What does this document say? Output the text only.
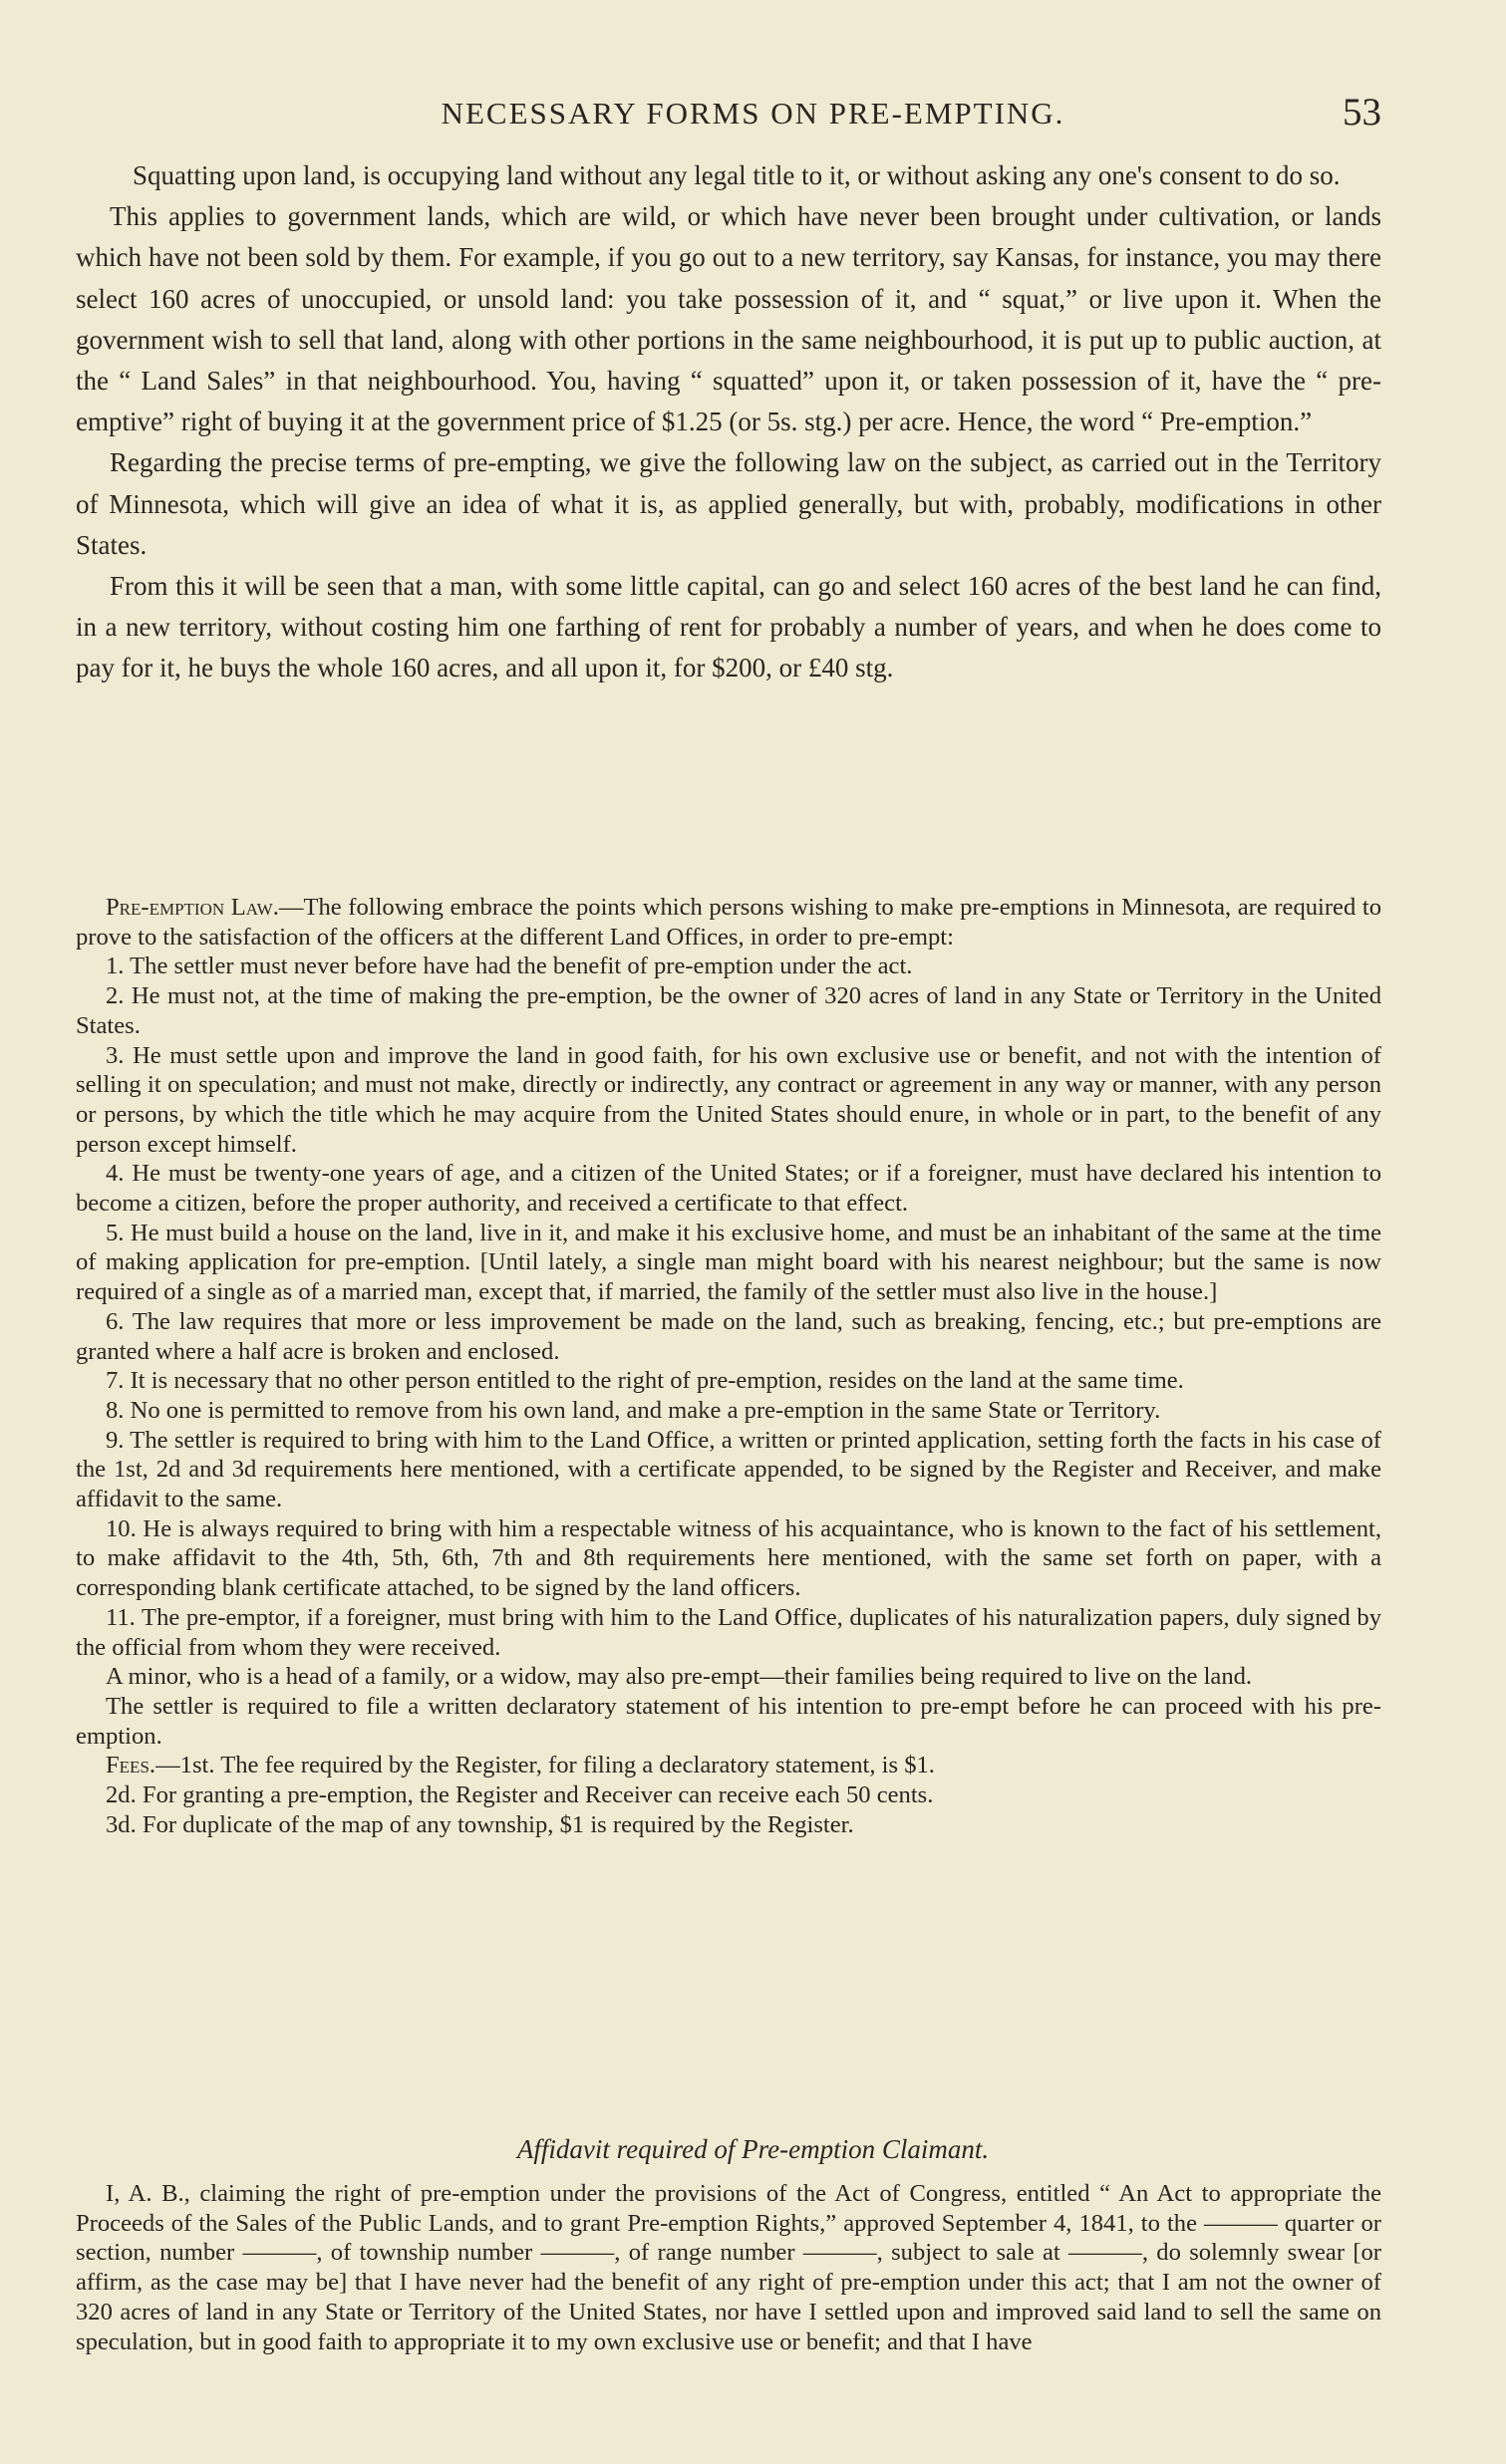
NECESSARY FORMS ON PRE-EMPTING.	53

Squatting upon land, is occupying land without any legal title to it, or without asking any one's consent to do so.

This applies to government lands, which are wild, or which have never been brought under cultivation, or lands which have not been sold by them. For example, if you go out to a new territory, say Kansas, for instance, you may there select 160 acres of unoccupied, or unsold land: you take possession of it, and “ squat,” or live upon it. When the government wish to sell that land, along with other portions in the same neighbourhood, it is put up to public auction, at the “ Land Sales” in that neighbourhood. You, having “ squatted” upon it, or taken possession of it, have the “ pre-emptive” right of buying it at the government price of $1.25 (or 5s. stg.) per acre. Hence, the word “ Pre-emption.”

Regarding the precise terms of pre-empting, we give the following law on the subject, as carried out in the Territory of Minnesota, which will give an idea of what it is, as applied generally, but with, probably, modifications in other States.

From this it will be seen that a man, with some little capital, can go and select 160 acres of the best land he can find, in a new territory, without costing him one farthing of rent for probably a number of years, and when he does come to pay for it, he buys the whole 160 acres, and all upon it, for $200, or £40 stg.

Pre-emption Law.—The following embrace the points which persons wishing to make pre-emptions in Minnesota, are required to prove to the satisfaction of the officers at the different Land Offices, in order to pre-empt:

1. The settler must never before have had the benefit of pre-emption under the act.

2. He must not, at the time of making the pre-emption, be the owner of 320 acres of land in any State or Territory in the United States.

3. He must settle upon and improve the land in good faith, for his own exclusive use or benefit, and not with the intention of selling it on speculation; and must not make, directly or indirectly, any contract or agreement in any way or manner, with any person or persons, by which the title which he may acquire from the United States should enure, in whole or in part, to the benefit of any person except himself.

4. He must be twenty-one years of age, and a citizen of the United States; or if a foreigner, must have declared his intention to become a citizen, before the proper authority, and received a certificate to that effect.

5. He must build a house on the land, live in it, and make it his exclusive home, and must be an inhabitant of the same at the time of making application for pre-emption. [Until lately, a single man might board with his nearest neighbour; but the same is now required of a single as of a married man, except that, if married, the family of the settler must also live in the house.]

6. The law requires that more or less improvement be made on the land, such as breaking, fencing, etc.; but pre-emptions are granted where a half acre is broken and enclosed.

7. It is necessary that no other person entitled to the right of pre-emption, resides on the land at the same time.

8. No one is permitted to remove from his own land, and make a pre-emption in the same State or Territory.

9. The settler is required to bring with him to the Land Office, a written or printed application, setting forth the facts in his case of the 1st, 2d and 3d requirements here mentioned, with a certificate appended, to be signed by the Register and Receiver, and make affidavit to the same.

10. He is always required to bring with him a respectable witness of his acquaintance, who is known to the fact of his settlement, to make affidavit to the 4th, 5th, 6th, 7th and 8th requirements here mentioned, with the same set forth on paper, with a corresponding blank certificate attached, to be signed by the land officers.

11. The pre-emptor, if a foreigner, must bring with him to the Land Office, duplicates of his naturalization papers, duly signed by the official from whom they were received.

A minor, who is a head of a family, or a widow, may also pre-empt—their families being required to live on the land.

The settler is required to file a written declaratory statement of his intention to pre-empt before he can proceed with his pre-emption.

Fees.—1st. The fee required by the Register, for filing a declaratory statement, is $1.

2d. For granting a pre-emption, the Register and Receiver can receive each 50 cents.

3d. For duplicate of the map of any township, $1 is required by the Register.

Affidavit required of Pre-emption Claimant.

I, A. B., claiming the right of pre-emption under the provisions of the Act of Congress, entitled “ An Act to appropriate the Proceeds of the Sales of the Public Lands, and to grant Pre-emption Rights,” approved September 4, 1841, to the ——— quarter or section, number ———, of township number ———, of range number ———, subject to sale at ———, do solemnly swear [or affirm, as the case may be] that I have never had the benefit of any right of pre-emption under this act; that I am not the owner of 320 acres of land in any State or Territory of the United States, nor have I settled upon and improved said land to sell the same on speculation, but in good faith to appropriate it to my own exclusive use or benefit; and that I have
